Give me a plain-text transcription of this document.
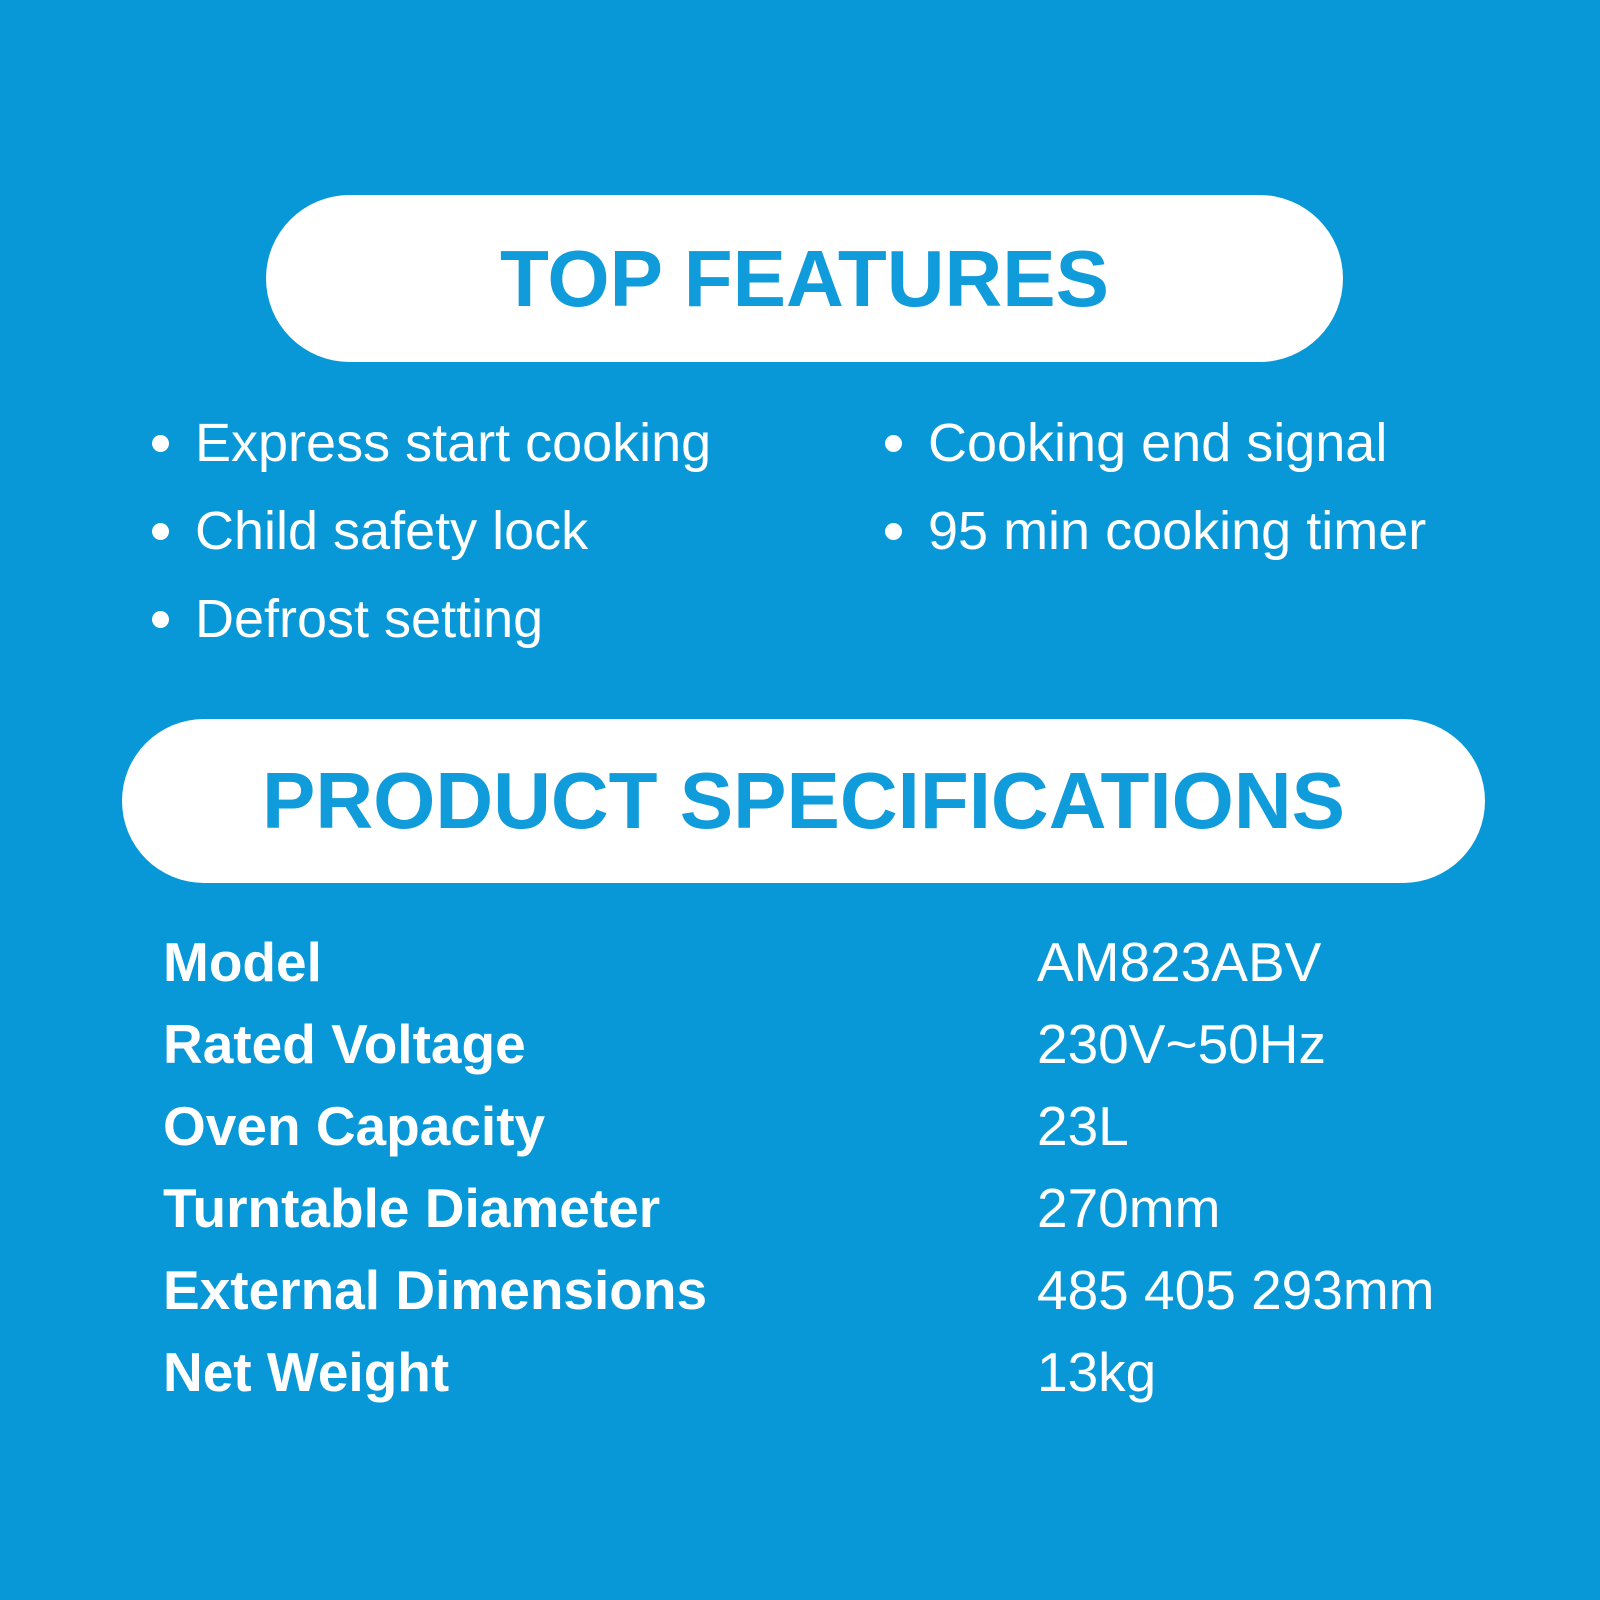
TOP FEATURES
Express start cooking
Child safety lock
Defrost setting
Cooking end signal
95 min cooking timer
PRODUCT SPECIFICATIONS
Model	AM823ABV
Rated Voltage	230V~50Hz
Oven Capacity	23L
Turntable Diameter	270mm
External Dimensions	485 405 293mm
Net Weight	13kg
